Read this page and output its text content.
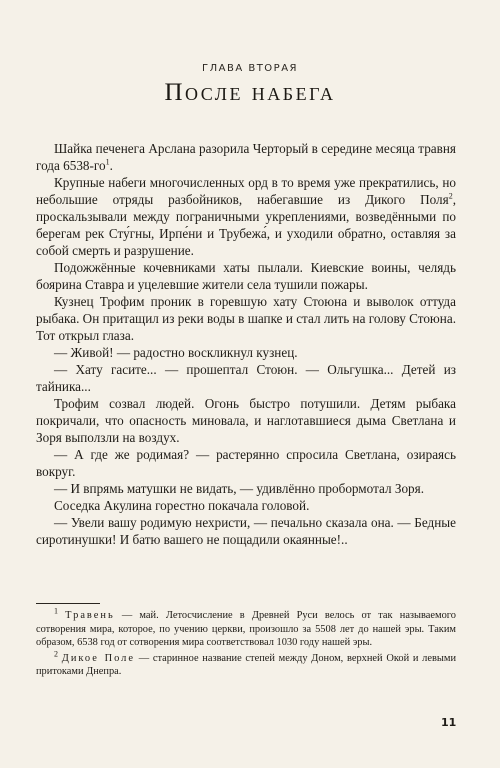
ГЛАВА ВТОРАЯ
После набега

Шайка печенега Арслана разорила Черторый в середине месяца травня года $6538-го^1$.

Крупные набеги многочисленных орд в то время уже прекратились, но небольшие отряды разбойников, набегавшие из Дикого Поля$^2$, проскальзывали между пограничными укреплениями, возведёнными по берегам рек Сту́гны, Ирпе́ни и Трубежа́, и уходили обратно, оставляя за собой смерть и разрушение.

Подожжённые кочевниками хаты пылали. Киевские воины, челядь боярина Ставра и уцелевшие жители села тушили пожары.

Кузнец Трофим проник в горевшую хату Стоюна и выволок оттуда рыбака. Он притащил из реки воды в шапке и стал лить на голову Стоюна. Тот открыл глаза.

— Живой! — радостно воскликнул кузнец.

— Хату гасите... — прошептал Стоюн. — Ольгушка... Детей из тайника...

Трофим созвал людей. Огонь быстро потушили. Детям рыбака покричали, что опасность миновала, и наглотавшиеся дыма Светлана и Зоря выползли на воздух.

— А где же родимая? — растерянно спросила Светлана, озираясь вокруг.

— И впрямь матушки не видать, — удивлённо пробормотал Зоря.

Соседка Акулина горестно покачала головой.

— Увели вашу родимую нехристи, — печально сказала она. — Бедные сиротинушки! И батю вашего не пощадили окаянные!..

$^1$ Травень — май. Летосчисление в Древней Руси велось от так называемого сотворения мира, которое, по учению церкви, произошло за 5508 лет до нашей эры. Таким образом, 6538 год от сотворения мира соответствовал 1030 году нашей эры.

$^2$ Дикое Поле — старинное название степей между Доном, верхней Окой и левыми притоками Днепра.

11
